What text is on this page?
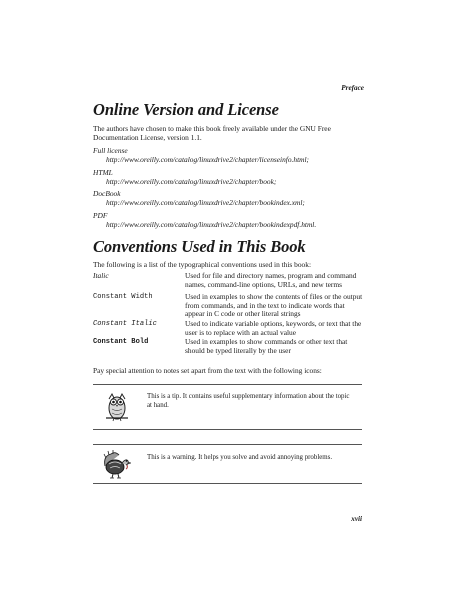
Preface
Online Version and License
The authors have chosen to make this book freely available under the GNU Free Documentation License, version 1.1.
Full license
http://www.oreilly.com/catalog/linuxdrive2/chapter/licenseinfo.html;
HTML
http://www.oreilly.com/catalog/linuxdrive2/chapter/book;
DocBook
http://www.oreilly.com/catalog/linuxdrive2/chapter/bookindex.xml;
PDF
http://www.oreilly.com/catalog/linuxdrive2/chapter/bookindexpdf.html.
Conventions Used in This Book
The following is a list of the typographical conventions used in this book:
Italic	Used for file and directory names, program and command names, command-line options, URLs, and new terms
Constant Width	Used in examples to show the contents of files or the output from commands, and in the text to indicate words that appear in C code or other literal strings
Constant Italic	Used to indicate variable options, keywords, or text that the user is to replace with an actual value
Constant Bold	Used in examples to show commands or other text that should be typed literally by the user
Pay special attention to notes set apart from the text with the following icons:
This is a tip. It contains useful supplementary information about the topic at hand.
This is a warning. It helps you solve and avoid annoying problems.
xvii
